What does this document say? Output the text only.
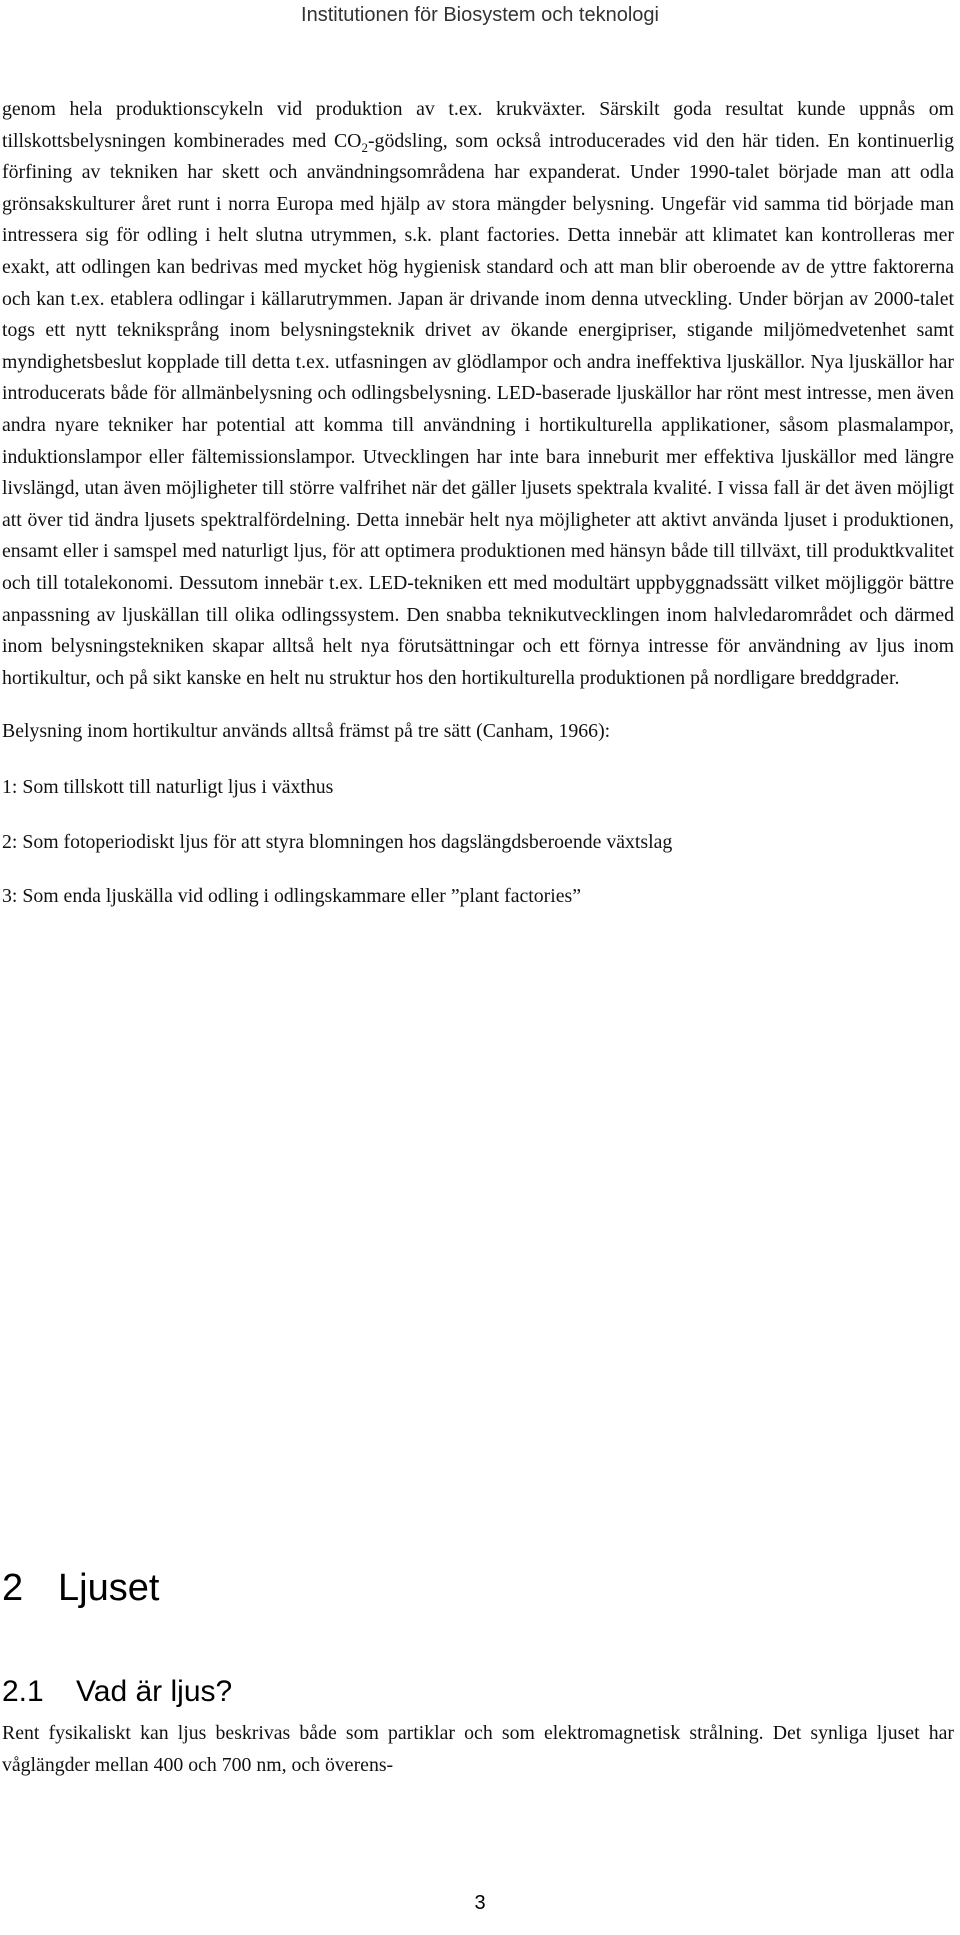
Institutionen för Biosystem och teknologi

genom hela produktionscykeln vid produktion av t.ex. krukväxter. Särskilt goda resultat kunde uppnås om tillskottsbelysningen kombinerades med $CO_2$-gödsling, som också introducerades vid den här tiden. En kontinuerlig förfining av tekniken har skett och användningsområdena har expanderat. Under 1990-talet började man att odla grönsakskulturer året runt i norra Europa med hjälp av stora mängder belysning. Ungefär vid samma tid började man intressera sig för odling i helt slutna utrymmen, s.k. plant factories. Detta innebär att klimatet kan kontrolleras mer exakt, att odlingen kan bedrivas med mycket hög hygienisk standard och att man blir oberoende av de yttre faktorerna och kan t.ex. etablera odlingar i källarutrymmen. Japan är drivande inom denna utveckling. Under början av 2000-talet togs ett nytt tekniksprång inom belysningsteknik drivet av ökande energipriser, stigande miljömedvetenhet samt myndighetsbeslut kopplade till detta t.ex. utfasningen av glödlampor och andra ineffektiva ljuskällor. Nya ljuskällor har introducerats både för allmänbelysning och odlingsbelysning. LED-baserade ljuskällor har rönt mest intresse, men även andra nyare tekniker har potential att komma till användning i hortikulturella applikationer, såsom plasmalampor, induktionslampor eller fältemissionslampor. Utvecklingen har inte bara inneburit mer effektiva ljuskällor med längre livslängd, utan även möjligheter till större valfrihet när det gäller ljusets spektrala kvalité. I vissa fall är det även möjligt att över tid ändra ljusets spektralfördelning. Detta innebär helt nya möjligheter att aktivt använda ljuset i produktionen, ensamt eller i samspel med naturligt ljus, för att optimera produktionen med hänsyn både till tillväxt, till produktkvalitet och till totalekonomi. Dessutom innebär t.ex. LED-tekniken ett med modultärt uppbyggnadssätt vilket möjliggör bättre anpassning av ljuskällan till olika odlingssystem. Den snabba teknikutvecklingen inom halvledarområdet och därmed inom belysningstekniken skapar alltså helt nya förutsättningar och ett förnya intresse för användning av ljus inom hortikultur, och på sikt kanske en helt nu struktur hos den hortikulturella produktionen på nordligare breddgrader.

Belysning inom hortikultur används alltså främst på tre sätt (Canham, 1966):

1: Som tillskott till naturligt ljus i växthus

2: Som fotoperiodiskt ljus för att styra blomningen hos dagslängdsberoende växtslag

3: Som enda ljuskälla vid odling i odlingskammare eller ”plant factories”

2 Ljuset
2.1 Vad är ljus?

Rent fysikaliskt kan ljus beskrivas både som partiklar och som elektromagnetisk strålning. Det synliga ljuset har våglängder mellan 400 och 700 nm, och överens-

3
